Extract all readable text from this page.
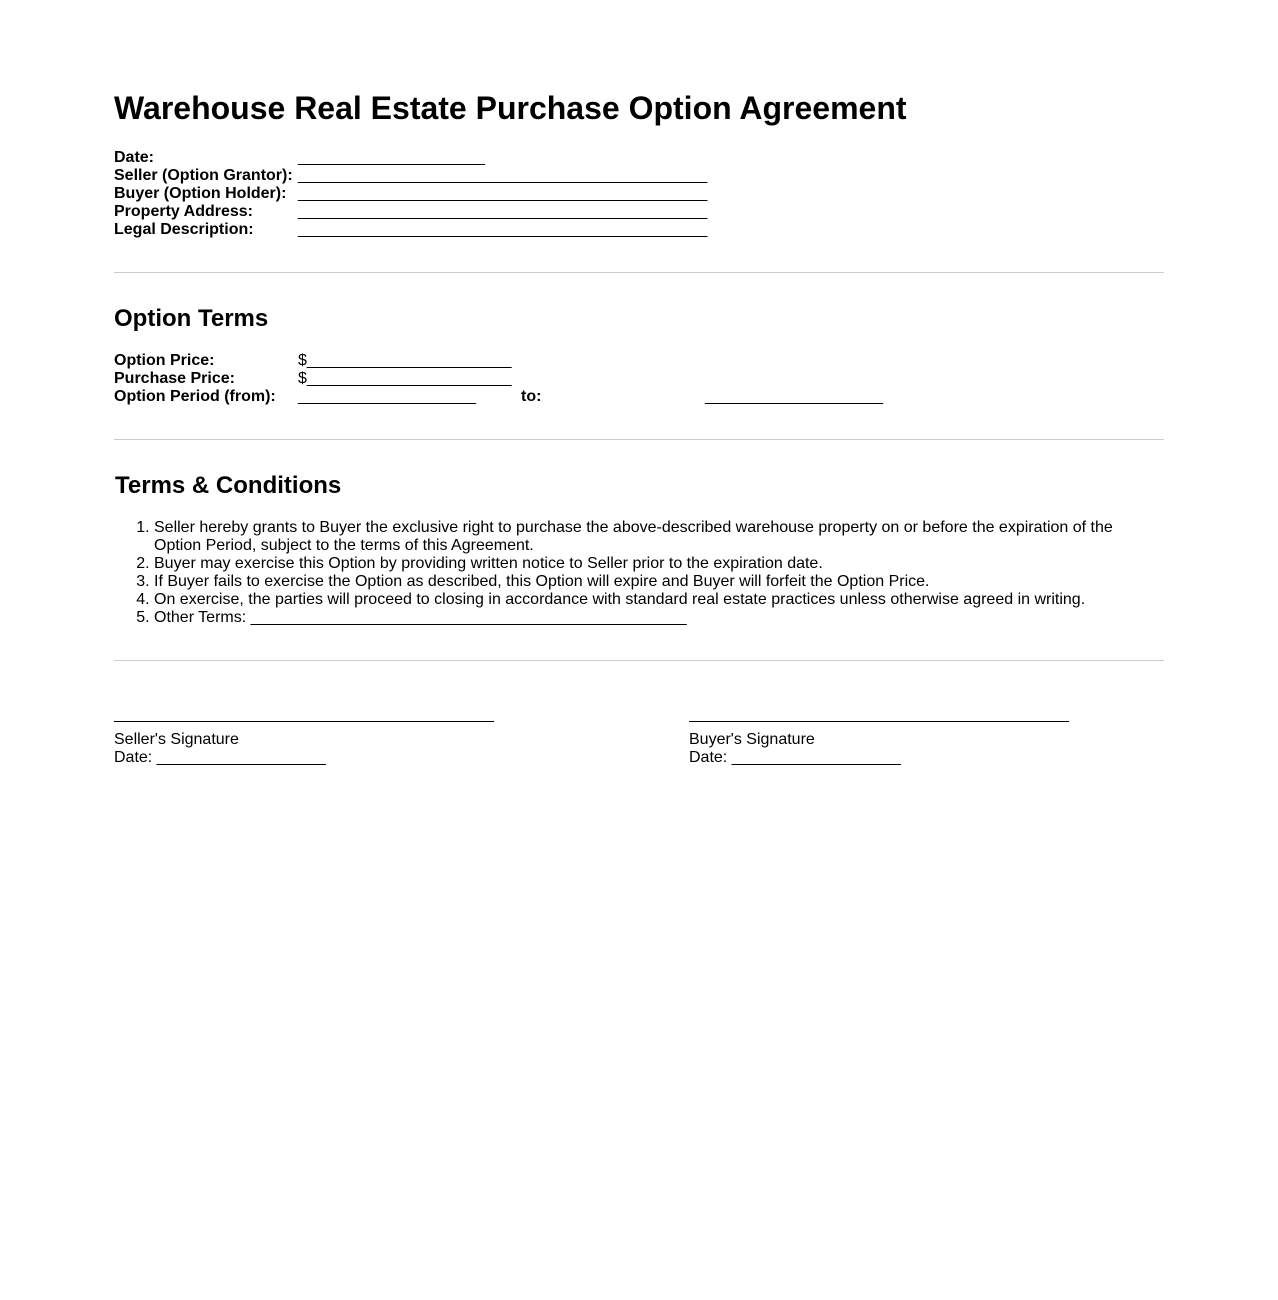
Warehouse Real Estate Purchase Option Agreement
Date:	_____________________
Seller (Option Grantor):	______________________________________________
Buyer (Option Holder):	______________________________________________
Property Address:	______________________________________________
Legal Description:	______________________________________________
Option Terms
Option Price:	$_______________________		
Purchase Price:	$_______________________		
Option Period (from):	____________________	to:	____________________
Terms & Conditions
1. Seller hereby grants to Buyer the exclusive right to purchase the above-described warehouse property on or before the expiration of the Option Period, subject to the terms of this Agreement.
2. Buyer may exercise this Option by providing written notice to Seller prior to the expiration date.
3. If Buyer fails to exercise the Option as described, this Option will expire and Buyer will forfeit the Option Price.
4. On exercise, the parties will proceed to closing in accordance with standard real estate practices unless otherwise agreed in writing.
5. Other Terms: _________________________________________________
Seller's Signature
Date: ___________________
Buyer's Signature
Date: ___________________
